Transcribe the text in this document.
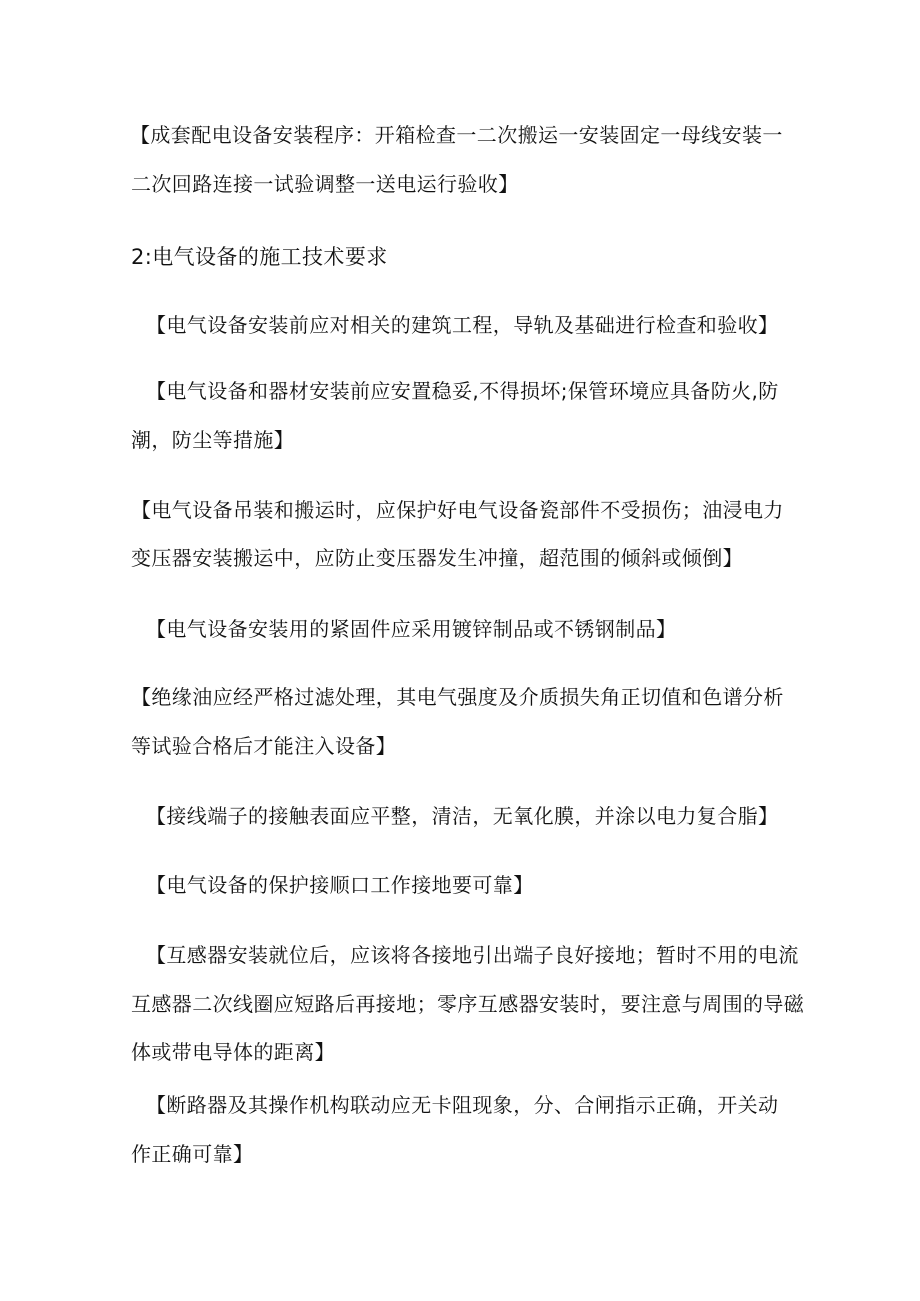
【成套配电设备安装程序：开箱检查一二次搬运一安装固定一母线安装一
二次回路连接一试验调整一送电运行验收】
2:电气设备的施工技术要求
【电气设备安装前应对相关的建筑工程，导轨及基础进行检查和验收】
【电气设备和器材安装前应安置稳妥,不得损坏;保管环境应具备防火,防
潮，防尘等措施】
【电气设备吊装和搬运时，应保护好电气设备瓷部件不受损伤；油浸电力
变压器安装搬运中，应防止变压器发生冲撞，超范围的倾斜或倾倒】
【电气设备安装用的紧固件应采用镀锌制品或不锈钢制品】
【绝缘油应经严格过滤处理，其电气强度及介质损失角正切值和色谱分析
等试验合格后才能注入设备】
【接线端子的接触表面应平整，清洁，无氧化膜，并涂以电力复合脂】
【电气设备的保护接顺口工作接地要可靠】
【互感器安装就位后，应该将各接地引出端子良好接地；暂时不用的电流
互感器二次线圈应短路后再接地；零序互感器安装时，要注意与周围的导磁
体或带电导体的距离】
【断路器及其操作机构联动应无卡阻现象，分、合闸指示正确，开关动
作正确可靠】
